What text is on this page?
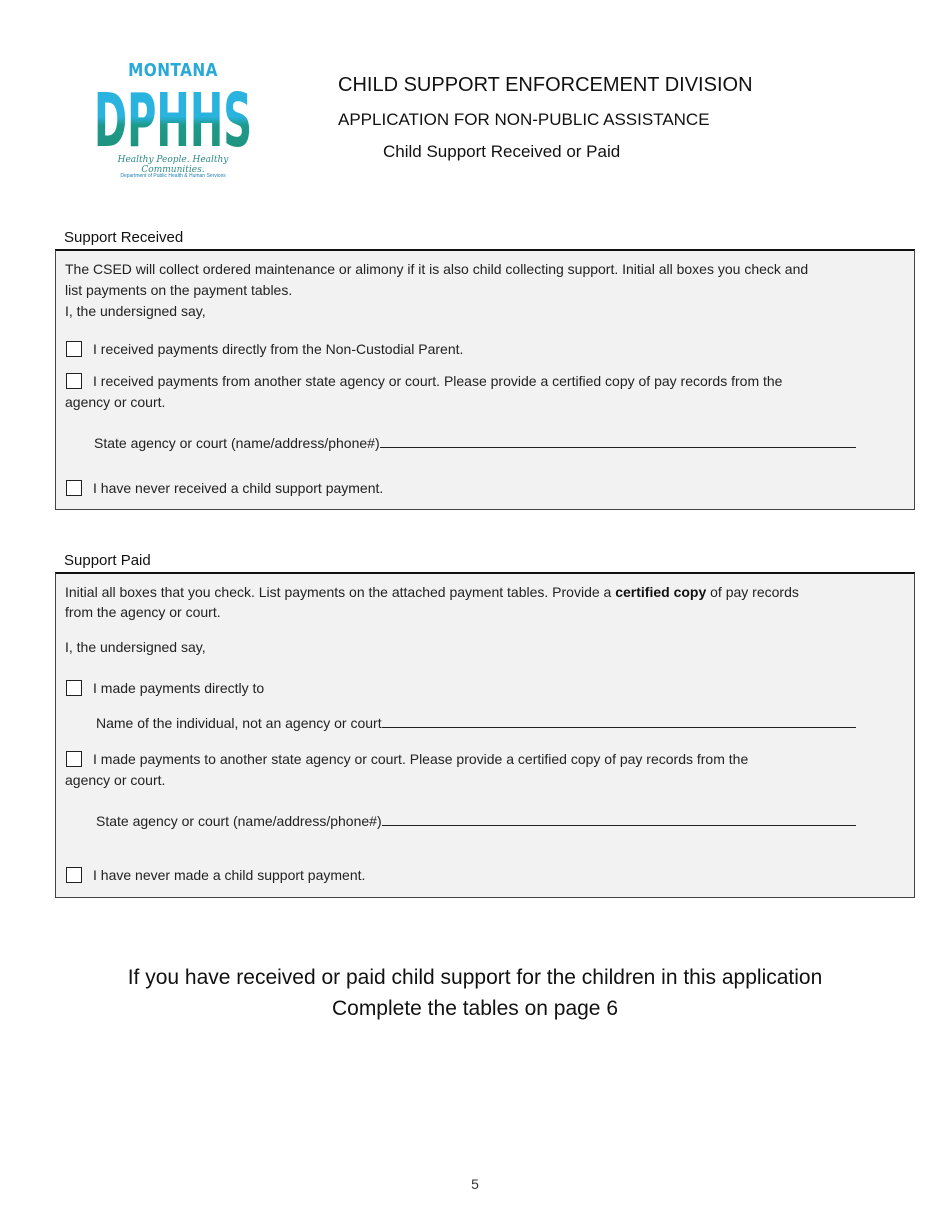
MONTANA
DPHHS
Healthy People. Healthy Communities.
Department of Public Health & Human Services
CHILD SUPPORT ENFORCEMENT DIVISION
APPLICATION FOR NON-PUBLIC ASSISTANCE
Child Support Received or Paid
Support Received
The CSED will collect ordered maintenance or alimony if it is also child collecting support. Initial all boxes you check and
list payments on the payment tables.
I, the undersigned say,
I received payments directly from the Non-Custodial Parent.
I received payments from another state agency or court. Please provide a certified copy of pay records from the
agency or court.
State agency or court (name/address/phone#)
I have never received a child support payment.
Support Paid
Initial all boxes that you check. List payments on the attached payment tables. Provide a certified copy of pay records
from the agency or court.
I, the undersigned say,
I made payments directly to
Name of the individual, not an agency or court
I made payments to another state agency or court. Please provide a certified copy of pay records from the
agency or court.
State agency or court (name/address/phone#)
I have never made a child support payment.
If you have received or paid child support for the children in this application
Complete the tables on page 6
5
